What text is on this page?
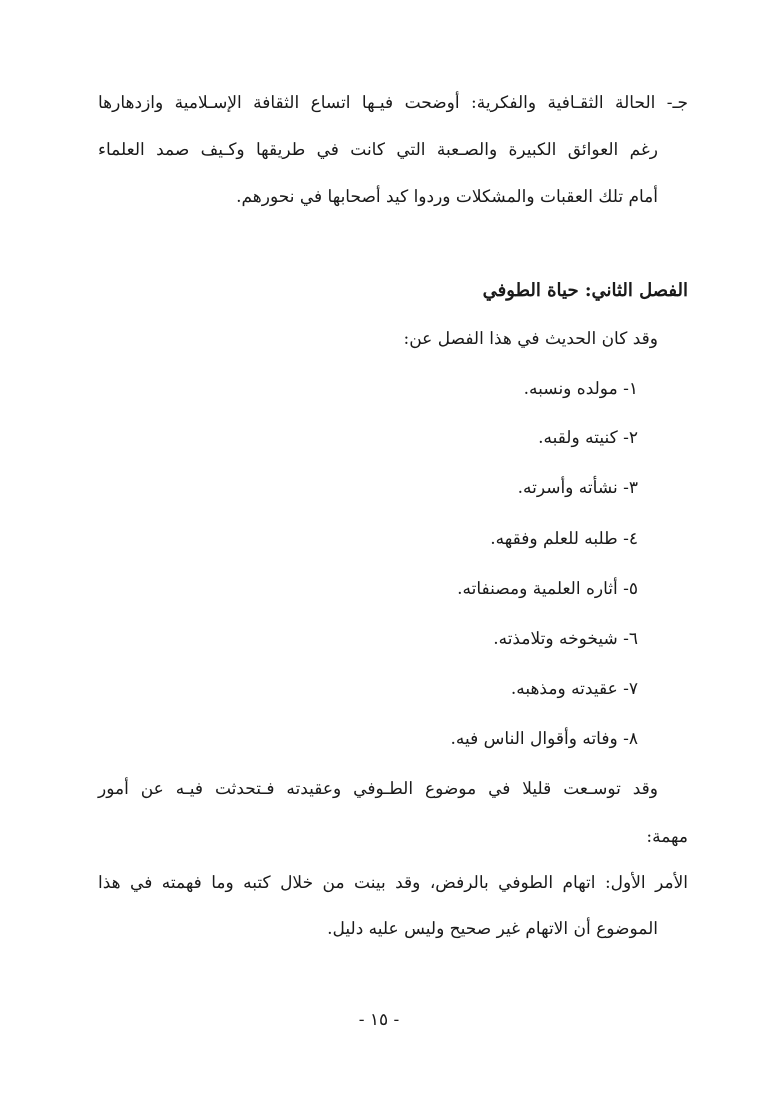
جـ- الحالة الثقـافية والفكرية: أوضحت فيـها اتساع الثقافة الإسـلامية وازدهارها
رغم العوائق الكبيرة والصـعبة التي كانت في طريقها وكـيف صمد العلماء
أمام تلك العقبات والمشكلات وردوا كيد أصحابها في نحورهم.
الفصل الثاني: حياة الطوفي
وقد كان الحديث في هذا الفصل عن:
١- مولده ونسبه.
٢- كنيته ولقبه.
٣- نشأته وأسرته.
٤- طلبه للعلم وفقهه.
٥- أثاره العلمية ومصنفاته.
٦- شيخوخه وتلامذته.
٧- عقيدته ومذهبه.
٨- وفاته وأقوال الناس فيه.
وقد توسـعت قليلا في موضوع الطـوفي وعقيدته فـتحدثت فيـه عن أمور
مهمة:
الأمر الأول: اتهام الطوفي بالرفض، وقد بينت من خلال كتبه وما فهمته في هذا
الموضوع أن الاتهام غير صحيح وليس عليه دليل.
- ١٥ -
